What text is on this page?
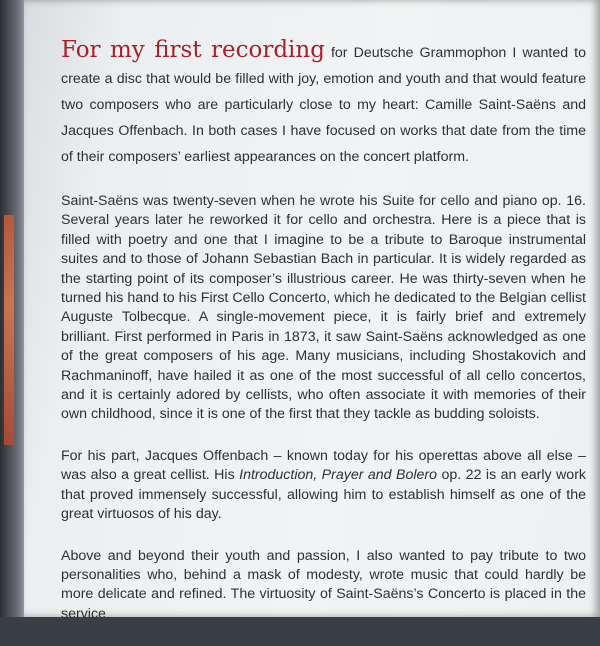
For my first recording for Deutsche Grammophon I wanted to create a disc that would be filled with joy, emotion and youth and that would feature two composers who are particularly close to my heart: Camille Saint-Saëns and Jacques Offenbach. In both cases I have focused on works that date from the time of their composers’ earliest appearances on the concert platform.

Saint-Saëns was twenty-seven when he wrote his Suite for cello and piano op. 16. Several years later he reworked it for cello and orchestra. Here is a piece that is filled with poetry and one that I imagine to be a tribute to Baroque instrumental suites and to those of Johann Sebastian Bach in particular. It is widely regarded as the starting point of its composer’s illustrious career. He was thirty-seven when he turned his hand to his First Cello Concerto, which he dedicated to the Belgian cellist Auguste Tolbecque. A single-movement piece, it is fairly brief and extremely brilliant. First performed in Paris in 1873, it saw Saint-Saëns acknowledged as one of the great composers of his age. Many musicians, including Shostakovich and Rachmaninoff, have hailed it as one of the most successful of all cello concertos, and it is certainly adored by cellists, who often associate it with memories of their own childhood, since it is one of the first that they tackle as budding soloists.

For his part, Jacques Offenbach – known today for his operettas above all else – was also a great cellist. His Introduction, Prayer and Bolero op. 22 is an early work that proved immensely successful, allowing him to establish himself as one of the great virtuosos of his day.

Above and beyond their youth and passion, I also wanted to pay tribute to two personalities who, behind a mask of modesty, wrote music that could hardly be more delicate and refined. The virtuosity of Saint-Saëns’s Concerto is placed in the service
